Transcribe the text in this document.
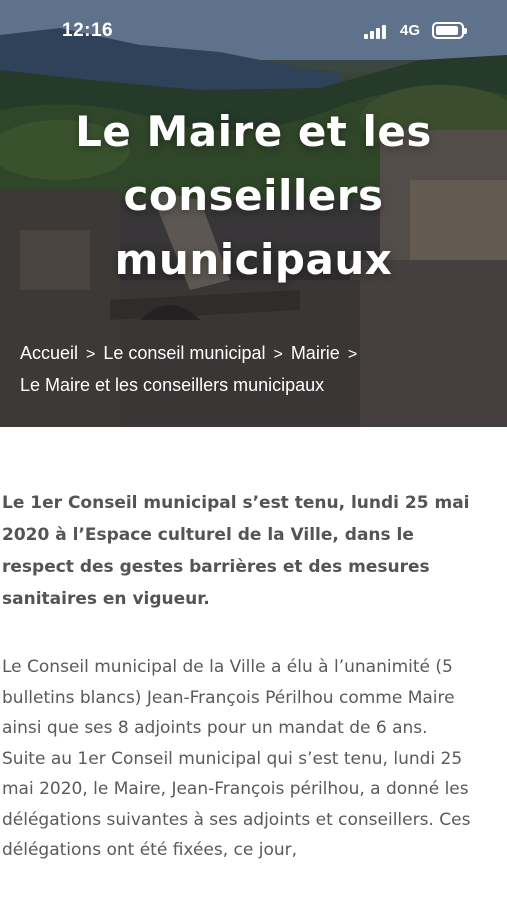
12:16	4G
Le Maire et les conseillers municipaux
Accueil > Le conseil municipal > Mairie >
Le Maire et les conseillers municipaux

Le 1er Conseil municipal s’est tenu, lundi 25 mai 2020 à l’Espace culturel de la Ville, dans le respect des gestes barrières et des mesures sanitaires en vigueur.

Le Conseil municipal de la Ville a élu à l’unanimité (5 bulletins blancs) Jean-François Périlhou comme Maire ainsi que ses 8 adjoints pour un mandat de 6 ans.

Suite au 1er Conseil municipal qui s’est tenu, lundi 25 mai 2020, le Maire, Jean-François périlhou, a donné les délégations suivantes à ses adjoints et conseillers. Ces délégations ont été fixées, ce jour,
